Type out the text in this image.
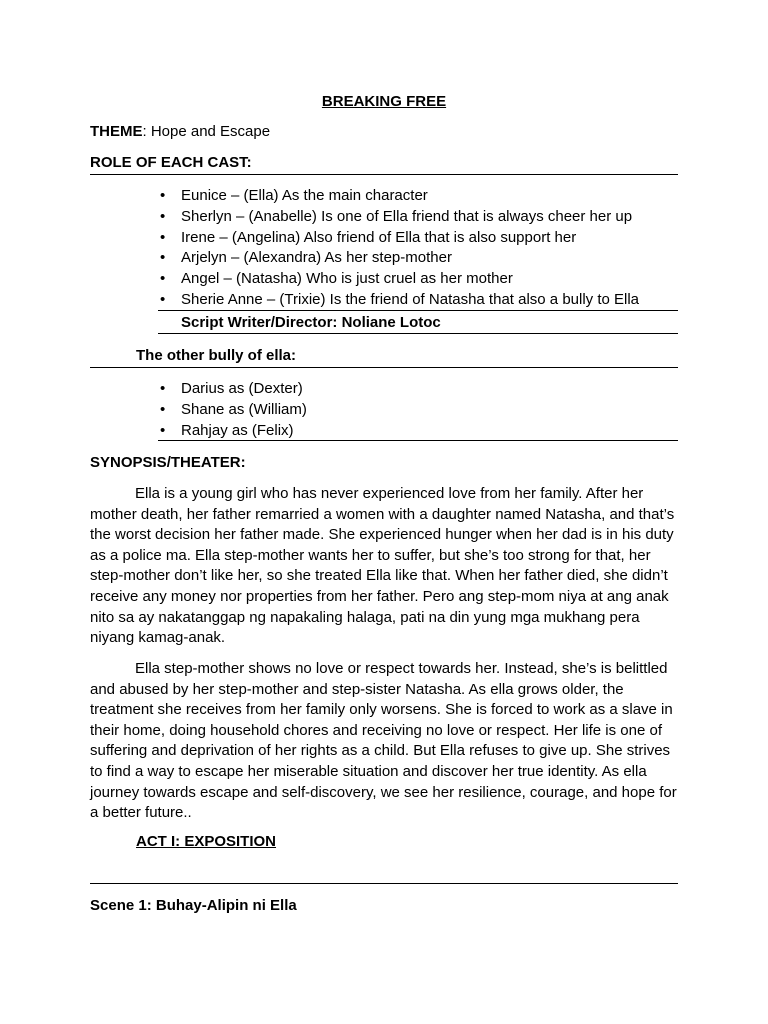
BREAKING FREE
THEME: Hope and Escape
ROLE OF EACH CAST:
• Eunice – (Ella) As the main character
• Sherlyn – (Anabelle) Is one of Ella friend that is always cheer her up
• Irene – (Angelina) Also friend of Ella that is also support her
• Arjelyn – (Alexandra) As her step-mother
• Angel – (Natasha) Who is just cruel as her mother
• Sherie Anne – (Trixie) Is the friend of Natasha that also a bully to Ella
Script Writer/Director: Noliane Lotoc
The other bully of ella:
• Darius as (Dexter)
• Shane as (William)
• Rahjay as (Felix)
SYNOPSIS/THEATER:

Ella is a young girl who has never experienced love from her family. After her mother death, her father remarried a women with a daughter named Natasha, and that’s the worst decision her father made. She experienced hunger when her dad is in his duty as a police ma. Ella step-mother wants her to suffer, but she’s too strong for that, her step-mother don’t like her, so she treated Ella like that. When her father died, she didn’t receive any money nor properties from her father. Pero ang step-mom niya at ang anak nito sa ay nakatanggap ng napakaling halaga, pati na din yung mga mukhang pera niyang kamag-anak.

Ella step-mother shows no love or respect towards her. Instead, she’s is belittled and abused by her step-mother and step-sister Natasha. As ella grows older, the treatment she receives from her family only worsens. She is forced to work as a slave in their home, doing household chores and receiving no love or respect. Her life is one of suffering and deprivation of her rights as a child. But Ella refuses to give up. She strives to find a way to escape her miserable situation and discover her true identity. As ella journey towards escape and self-discovery, we see her resilience, courage, and hope for a better future..

ACT I: EXPOSITION
Scene 1: Buhay-Alipin ni Ella
